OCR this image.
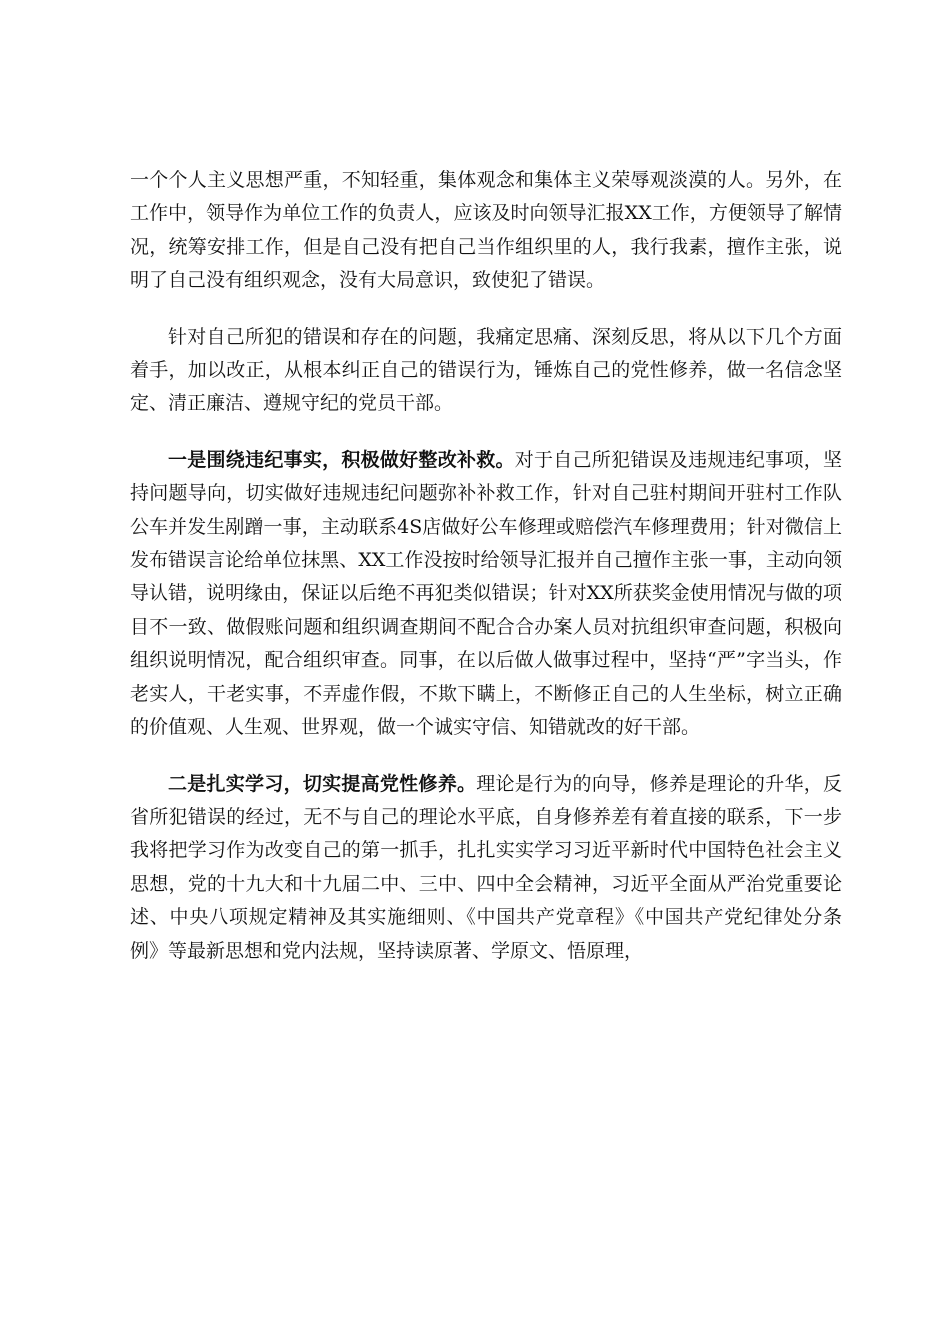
一个个人主义思想严重，不知轻重，集体观念和集体主义荣辱观淡漠的人。另外，在工作中，领导作为单位工作的负责人，应该及时向领导汇报XX工作，方便领导了解情况，统筹安排工作，但是自己没有把自己当作组织里的人，我行我素，擅作主张，说明了自己没有组织观念，没有大局意识，致使犯了错误。

针对自己所犯的错误和存在的问题，我痛定思痛、深刻反思，将从以下几个方面着手，加以改正，从根本纠正自己的错误行为，锤炼自己的党性修养，做一名信念坚定、清正廉洁、遵规守纪的党员干部。

一是围绕违纪事实，积极做好整改补救。对于自己所犯错误及违规违纪事项，坚持问题导向，切实做好违规违纪问题弥补补救工作，针对自己驻村期间开驻村工作队公车并发生剐蹭一事，主动联系4S店做好公车修理或赔偿汽车修理费用；针对微信上发布错误言论给单位抹黑、XX工作没按时给领导汇报并自己擅作主张一事，主动向领导认错，说明缘由，保证以后绝不再犯类似错误；针对XX所获奖金使用情况与做的项目不一致、做假账问题和组织调查期间不配合合办案人员对抗组织审查问题，积极向组织说明情况，配合组织审查。同事，在以后做人做事过程中，坚持“严”字当头，作老实人，干老实事，不弄虚作假，不欺下瞒上，不断修正自己的人生坐标，树立正确的价值观、人生观、世界观，做一个诚实守信、知错就改的好干部。

二是扎实学习，切实提高党性修养。理论是行为的向导，修养是理论的升华，反省所犯错误的经过，无不与自己的理论水平底，自身修养差有着直接的联系，下一步我将把学习作为改变自己的第一抓手，扎扎实实学习习近平新时代中国特色社会主义思想，党的十九大和十九届二中、三中、四中全会精神，习近平全面从严治党重要论述、中央八项规定精神及其实施细则、《中国共产党章程》《中国共产党纪律处分条例》等最新思想和党内法规，坚持读原著、学原文、悟原理，
